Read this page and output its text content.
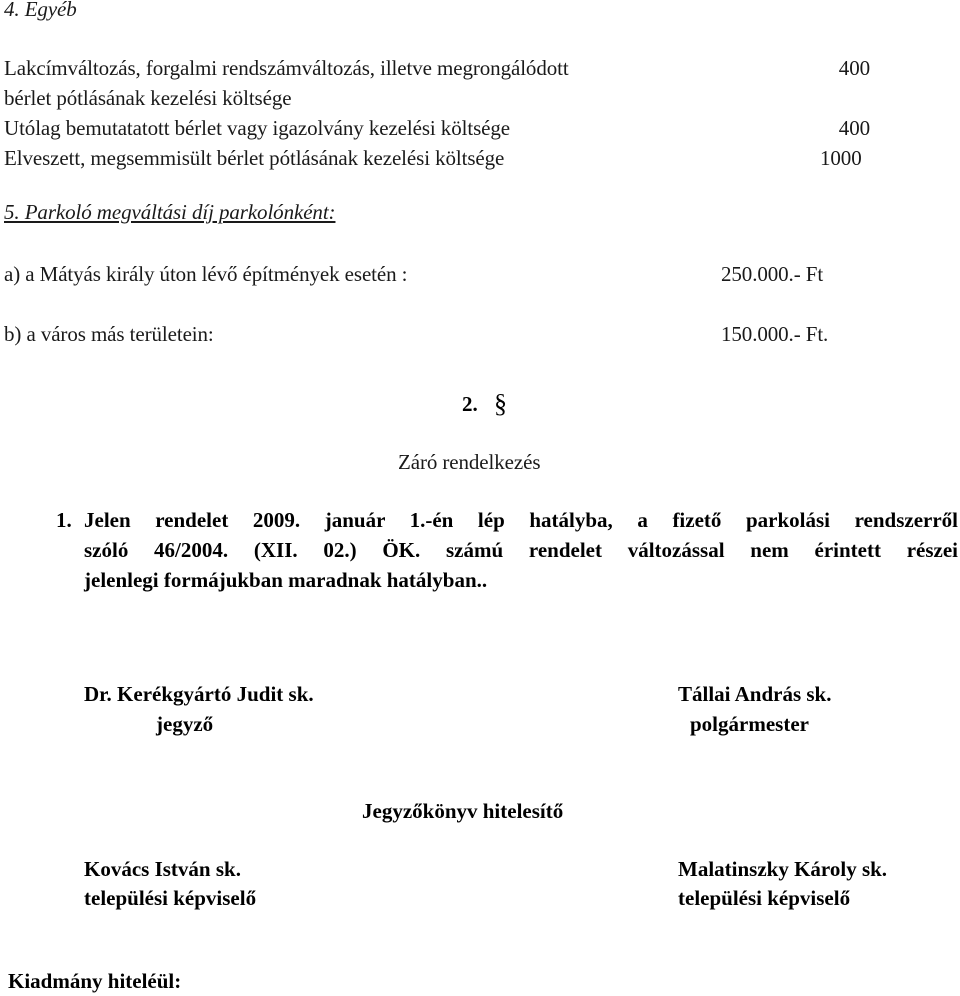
4. Egyéb
Lakcímváltozás, forgalmi rendszámváltozás, illetve megrongálódott	400
bérlet pótlásának kezelési költsége
Utólag bemutatatott bérlet vagy igazolvány kezelési költsége	400
Elveszett, megsemmisült bérlet pótlásának kezelési költsége	1000
5. Parkoló megváltási díj parkolónként:
a) a Mátyás király úton lévő építmények esetén :	250.000.- Ft
b) a város más területein:	150.000.- Ft.
2. §
Záró rendelkezés
1. Jelen rendelet 2009. január 1.-én lép hatályba, a fizető parkolási rendszerről
szóló 46/2004. (XII. 02.) ÖK. számú rendelet változással nem érintett részei
jelenlegi formájukban maradnak hatályban..
Dr. Kerékgyártó Judit sk.
jegyző
Tállai András sk.
polgármester
Jegyzőkönyv hitelesítő
Kovács István sk.
települési képviselő
Malatinszky Károly sk.
települési képviselő
Kiadmány hiteléül:
